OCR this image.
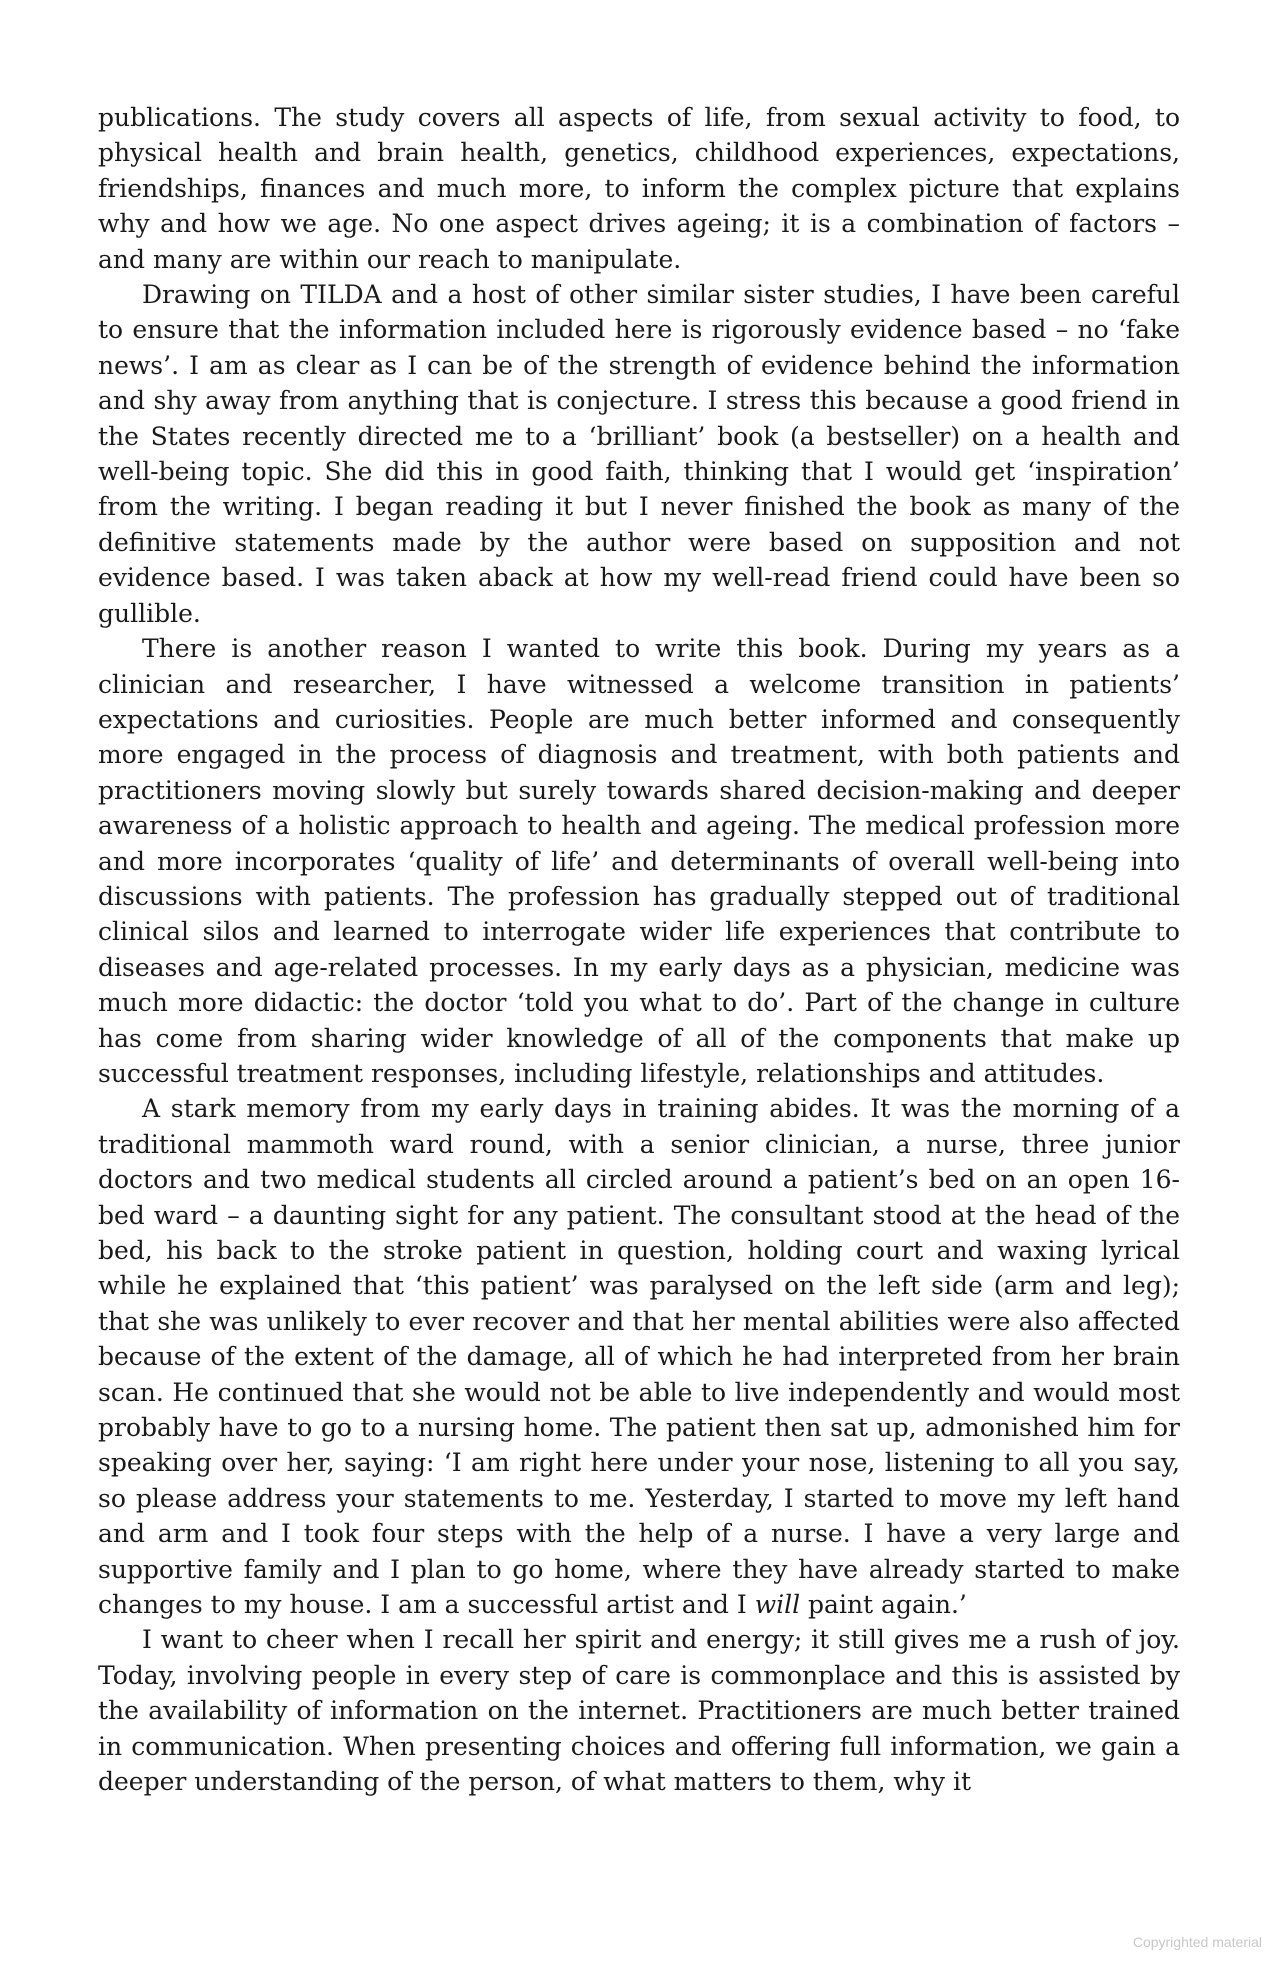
publications. The study covers all aspects of life, from sexual activity to food, to physical health and brain health, genetics, childhood experiences, expectations, friendships, finances and much more, to inform the complex picture that explains why and how we age. No one aspect drives ageing; it is a combination of factors – and many are within our reach to manipulate.

Drawing on TILDA and a host of other similar sister studies, I have been careful to ensure that the information included here is rigorously evidence based – no ‘fake news’. I am as clear as I can be of the strength of evidence behind the information and shy away from anything that is conjecture. I stress this because a good friend in the States recently directed me to a ‘brilliant’ book (a bestseller) on a health and well-being topic. She did this in good faith, thinking that I would get ‘inspiration’ from the writing. I began reading it but I never finished the book as many of the definitive statements made by the author were based on supposition and not evidence based. I was taken aback at how my well-read friend could have been so gullible.

There is another reason I wanted to write this book. During my years as a clinician and researcher, I have witnessed a welcome transition in patients’ expectations and curiosities. People are much better informed and consequently more engaged in the process of diagnosis and treatment, with both patients and practitioners moving slowly but surely towards shared decision-making and deeper awareness of a holistic approach to health and ageing. The medical profession more and more incorporates ‘quality of life’ and determinants of overall well-being into discussions with patients. The profession has gradually stepped out of traditional clinical silos and learned to interrogate wider life experiences that contribute to diseases and age-related processes. In my early days as a physician, medicine was much more didactic: the doctor ‘told you what to do’. Part of the change in culture has come from sharing wider knowledge of all of the components that make up successful treatment responses, including lifestyle, relationships and attitudes.

A stark memory from my early days in training abides. It was the morning of a traditional mammoth ward round, with a senior clinician, a nurse, three junior doctors and two medical students all circled around a patient’s bed on an open 16-bed ward – a daunting sight for any patient. The consultant stood at the head of the bed, his back to the stroke patient in question, holding court and waxing lyrical while he explained that ‘this patient’ was paralysed on the left side (arm and leg); that she was unlikely to ever recover and that her mental abilities were also affected because of the extent of the damage, all of which he had interpreted from her brain scan. He continued that she would not be able to live independently and would most probably have to go to a nursing home. The patient then sat up, admonished him for speaking over her, saying: ‘I am right here under your nose, listening to all you say, so please address your statements to me. Yesterday, I started to move my left hand and arm and I took four steps with the help of a nurse. I have a very large and supportive family and I plan to go home, where they have already started to make changes to my house. I am a successful artist and I will paint again.’

I want to cheer when I recall her spirit and energy; it still gives me a rush of joy. Today, involving people in every step of care is commonplace and this is assisted by the availability of information on the internet. Practitioners are much better trained in communication. When presenting choices and offering full information, we gain a deeper understanding of the person, of what matters to them, why it

Copyrighted material
